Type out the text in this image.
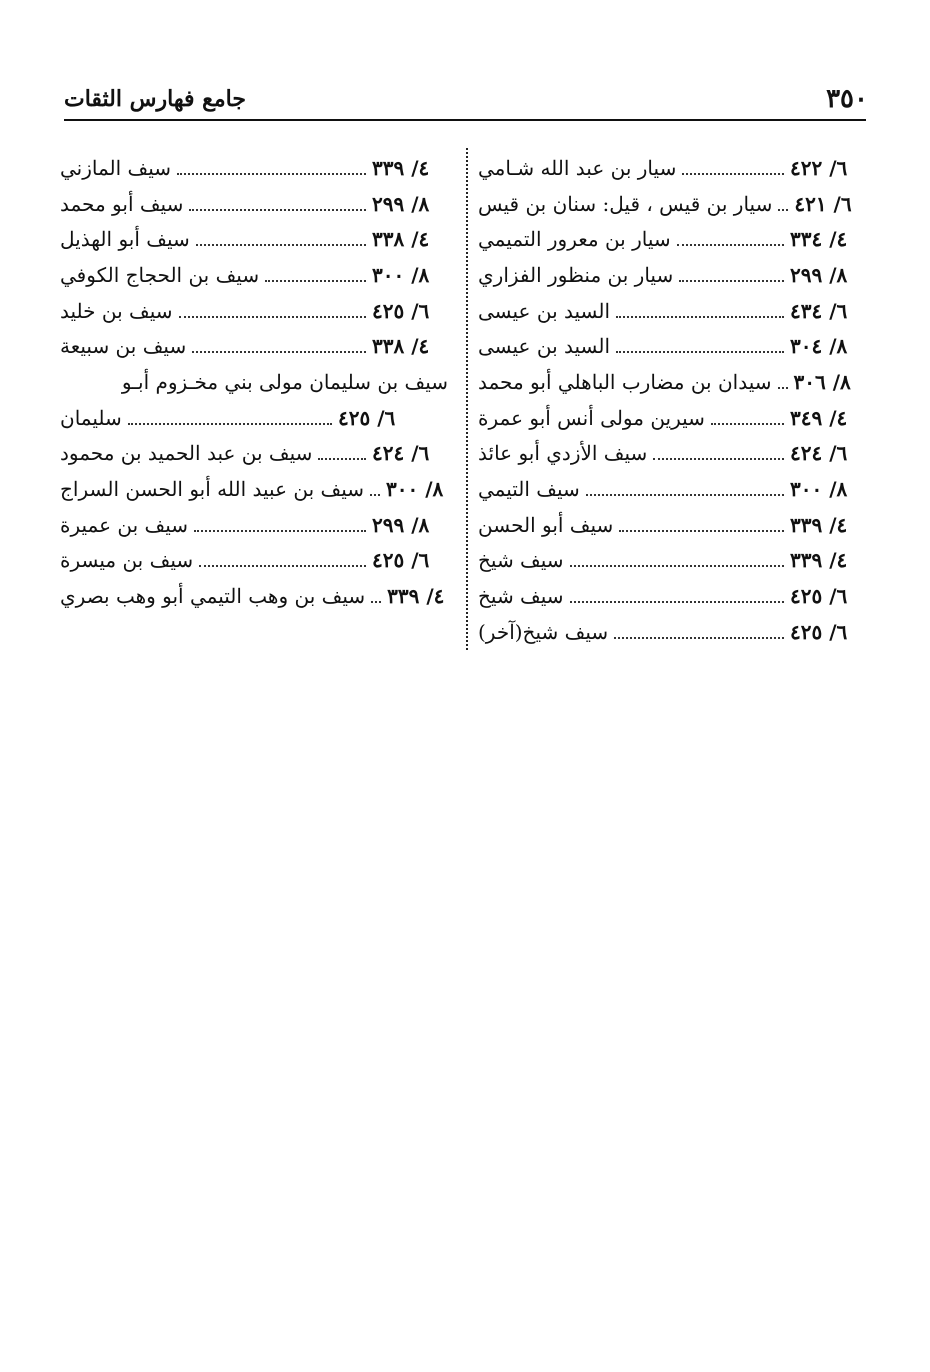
٣٥٠
جامع فهارس الثقات
سيار بن عبد الله شـامي	٦/ ٤٢٢
سيار بن قيس ، قيل: سنان بن قيس ٦/ ٤٢١
سيار بن معرور التميمي	٤/ ٣٣٤
سيار بن منظور الفزاري	٨/ ٢٩٩
السيد بن عيسى	٦/ ٤٣٤
السيد بن عيسى	٨/ ٣٠٤
سيدان بن مضارب الباهلي أبو محمد ٨/ ٣٠٦
سيرين مولى أنس أبو عمرة	٤/ ٣٤٩
سيف الأزدي أبو عائذ	٦/ ٤٢٤
سيف التيمي	٨/ ٣٠٠
سيف أبو الحسن	٤/ ٣٣٩
سيف شيخ	٤/ ٣٣٩
سيف شيخ	٦/ ٤٢٥
سيف شيخ(آخر)	٦/ ٤٢٥
سيف المازني	٤/ ٣٣٩
سيف أبو محمد	٨/ ٢٩٩
سيف أبو الهذيل	٤/ ٣٣٨
سيف بن الحجاج الكوفي	٨/ ٣٠٠
سيف بن خليد	٦/ ٤٢٥
سيف بن سبيعة	٤/ ٣٣٨
سيف بن سليمان مولى بني مخـزوم أبـو
سليمان	٦/ ٤٢٥
سيف بن عبد الحميد بن محمود	٦/ ٤٢٤
سيف بن عبيد الله أبو الحسن السراج ٨/ ٣٠٠
سيف بن عميرة	٨/ ٢٩٩
سيف بن ميسرة	٦/ ٤٢٥
سيف بن وهب التيمي أبو وهب بصري ٤/ ٣٣٩
